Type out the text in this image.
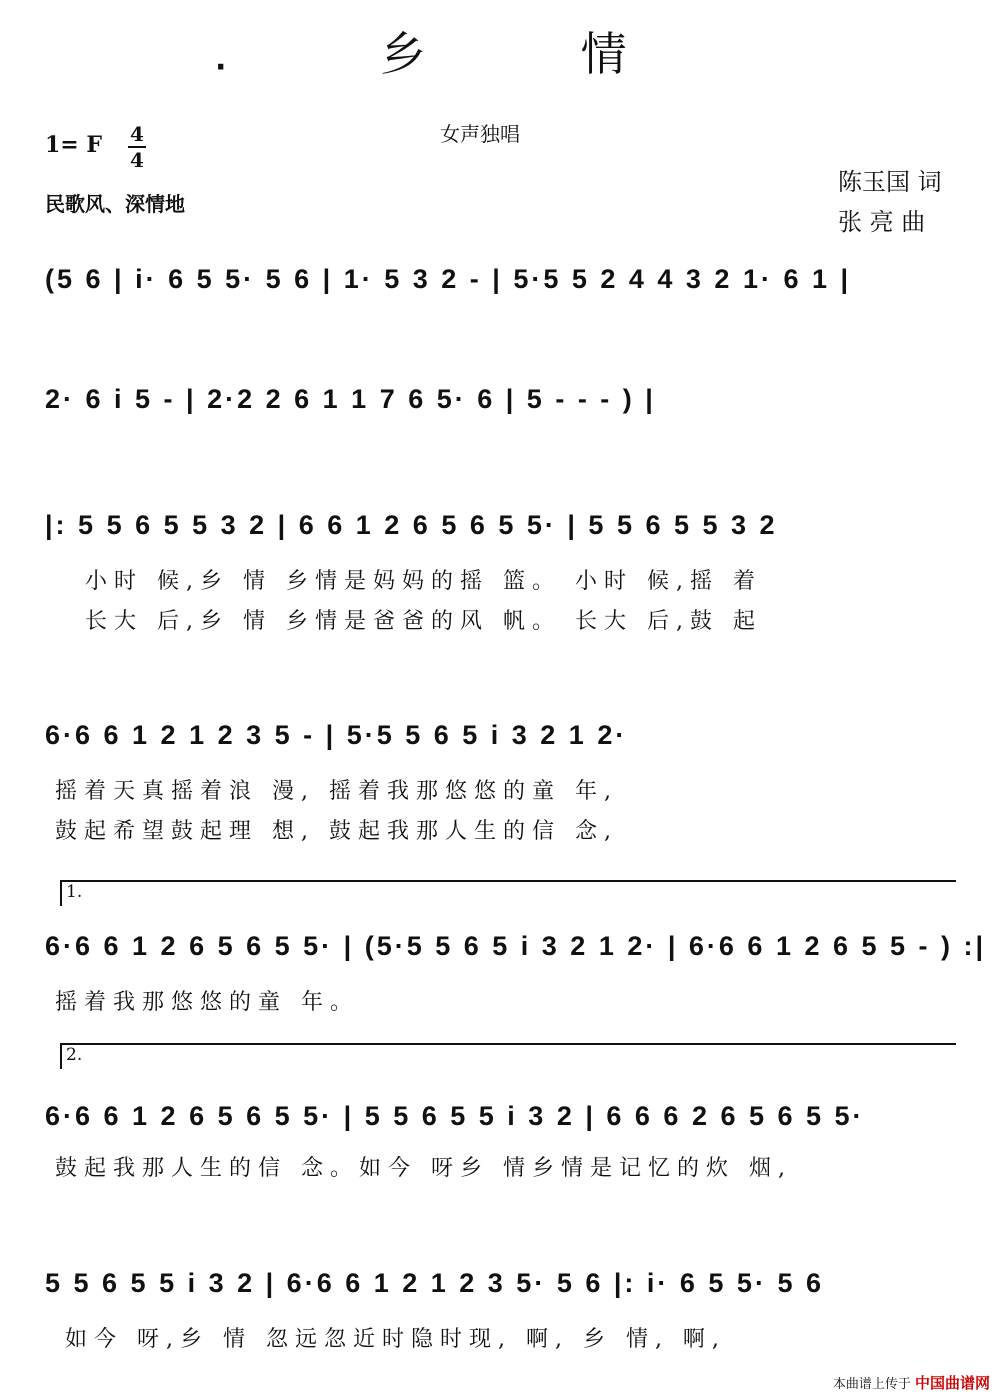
·	乡 情
女声独唱
1= F 4
4
民歌风、深情地
陈玉国 词
张 亮 曲
(5 6 | i· 6 5 5· 5 6 | 1· 5 3 2 - | 5·5 5 2 4 4 3 2 1· 6 1 |
2· 6 i 5 - | 2·2 2 6 1 1 7 6 5· 6 | 5 - - - ) |
|: 5 5 6 5 5 3 2 | 6 6 1 2 6 5 6 5 5· | 5 5 6 5 5 3 2
小时 候,乡 情 乡情是妈妈的摇 篮。 小时 候,摇 着
长大 后,乡 情 乡情是爸爸的风 帆。 长大 后,鼓 起
6·6 6 1 2 1 2 3 5 - | 5·5 5 6 5 i 3 2 1 2·
摇着天真摇着浪 漫, 摇着我那悠悠的童 年,
鼓起希望鼓起理 想, 鼓起我那人生的信 念,
1.
6·6 6 1 2 6 5 6 5 5· | (5·5 5 6 5 i 3 2 1 2· | 6·6 6 1 2 6 5 5 - ) :|
摇着我那悠悠的童 年。
2.
6·6 6 1 2 6 5 6 5 5· | 5 5 6 5 5 i 3 2 | 6 6 6 2 6 5 6 5 5·
鼓起我那人生的信 念。如今 呀乡 情乡情是记忆的炊 烟,
5 5 6 5 5 i 3 2 | 6·6 6 1 2 1 2 3 5· 5 6 |: i· 6 5 5· 5 6
如今 呀,乡 情 忽远忽近时隐时现, 啊, 乡 情, 啊,
本曲谱上传于 中国曲谱网
